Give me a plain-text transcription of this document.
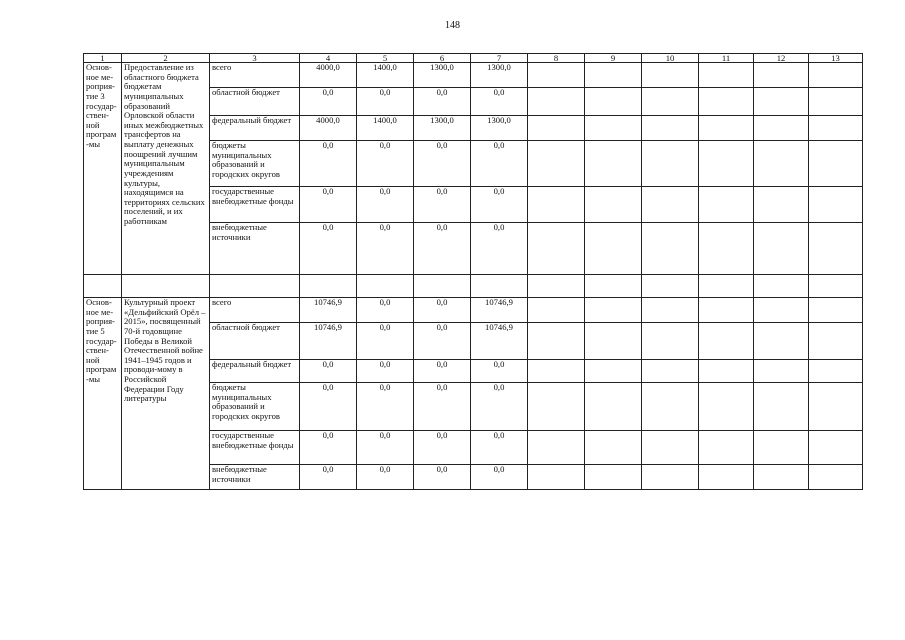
148
1	2	3	4	5	6	7	8	9	10	11	12	13
Основ-ное ме-роприя-тие 3 государ-ствен-ной програм-мы	Предоставление из областного бюджета бюджетам муниципальных образований Орловской области иных межбюджетных трансфертов на выплату денежных поощрений лучшим муниципальным учреждениям культуры, находящимся на территориях сельских поселений, и их работникам	всего	4000,0	1400,0	1300,0	1300,0						
		областной бюджет	0,0	0,0	0,0	0,0						
		федеральный бюджет	4000,0	1400,0	1300,0	1300,0						
		бюджеты муниципальных образований и городских округов	0,0	0,0	0,0	0,0						
		государственные внебюджетные фонды	0,0	0,0	0,0	0,0						
		внебюджетные источники	0,0	0,0	0,0	0,0						

Основ-ное ме-роприя-тие 5 государ-ствен-ной програм-мы	Культурный проект «Дельфийский Орёл – 2015», посвященный 70-й годовщине Победы в Великой Отечественной войне 1941–1945 годов и проводи-мому в Российской Федерации Году литературы	всего	10746,9	0,0	0,0	10746,9						
		областной бюджет	10746,9	0,0	0,0	10746,9						
		федеральный бюджет	0,0	0,0	0,0	0,0						
		бюджеты муниципальных образований и городских округов	0,0	0,0	0,0	0,0						
		государственные внебюджетные фонды	0,0	0,0	0,0	0,0						
		внебюджетные источники	0,0	0,0	0,0	0,0						
